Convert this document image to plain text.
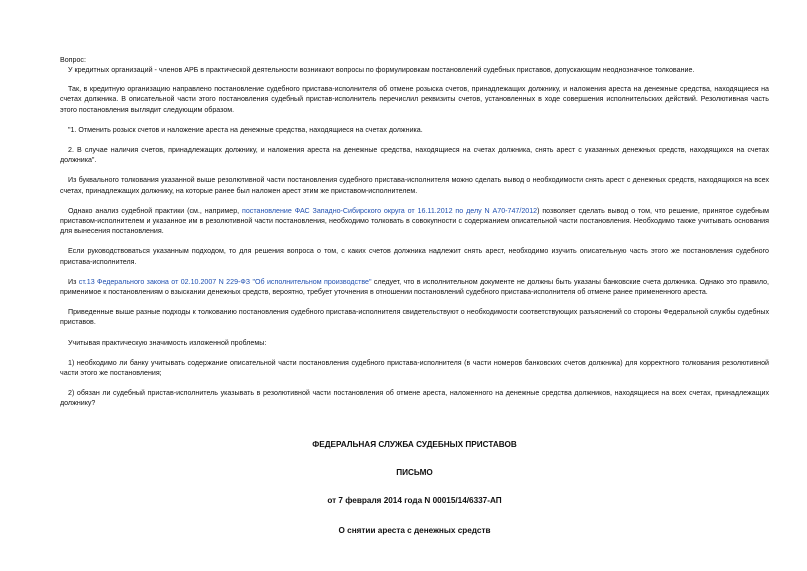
Вопрос:

У кредитных организаций - членов АРБ в практической деятельности возникают вопросы по формулировкам постановлений судебных приставов, допускающим неоднозначное толкование.

Так, в кредитную организацию направлено постановление судебного пристава-исполнителя об отмене розыска счетов, принадлежащих должнику, и наложения ареста на денежные средства, находящиеся на счетах должника. В описательной части этого постановления судебный пристав-исполнитель перечислил реквизиты счетов, установленных в ходе совершения исполнительских действий. Резолютивная часть этого постановления выглядит следующим образом.

"1. Отменить розыск счетов и наложение ареста на денежные средства, находящиеся на счетах должника.

2. В случае наличия счетов, принадлежащих должнику, и наложения ареста на денежные средства, находящиеся на счетах должника, снять арест с указанных денежных средств, находящихся на счетах должника".

Из буквального толкования указанной выше резолютивной части постановления судебного пристава-исполнителя можно сделать вывод о необходимости снять арест с денежных средств, находящихся на всех счетах, принадлежащих должнику, на которые ранее был наложен арест этим же приставом-исполнителем.

Однако анализ судебной практики (см., например, постановление ФАС Западно-Сибирского округа от 16.11.2012 по делу N А70-747/2012) позволяет сделать вывод о том, что решение, принятое судебным приставом-исполнителем и указанное им в резолютивной части постановления, необходимо толковать в совокупности с содержанием описательной части постановления. Необходимо также учитывать основания для вынесения постановления.

Если руководствоваться указанным подходом, то для решения вопроса о том, с каких счетов должника надлежит снять арест, необходимо изучить описательную часть этого же постановления судебного пристава-исполнителя.

Из ст.13 Федерального закона от 02.10.2007 N 229-ФЗ "Об исполнительном производстве" следует, что в исполнительном документе не должны быть указаны банковские счета должника. Однако это правило, применимое к постановлениям о взыскании денежных средств, вероятно, требует уточнения в отношении постановлений судебного пристава-исполнителя об отмене ранее примененного ареста.

Приведенные выше разные подходы к толкованию постановления судебного пристава-исполнителя свидетельствуют о необходимости соответствующих разъяснений со стороны Федеральной службы судебных приставов.

Учитывая практическую значимость изложенной проблемы:

1) необходимо ли банку учитывать содержание описательной части постановления судебного пристава-исполнителя (в части номеров банковских счетов должника) для корректного толкования резолютивной части этого же постановления;

2) обязан ли судебный пристав-исполнитель указывать в резолютивной части постановления об отмене ареста, наложенного на денежные средства должников, находящиеся на всех счетах, принадлежащих должнику?

ФЕДЕРАЛЬНАЯ СЛУЖБА СУДЕБНЫХ ПРИСТАВОВ
ПИСЬМО
от 7 февраля 2014 года N 00015/14/6337-АП
О снятии ареста с денежных средств
